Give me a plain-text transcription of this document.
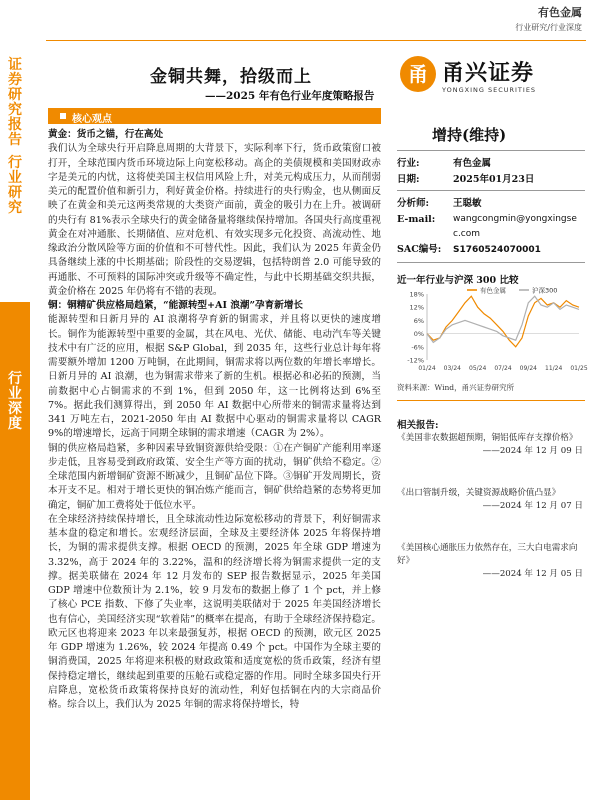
有色金属
行业研究/行业深度
证券研究报告
行业研究
行业深度
金铜共舞，拾级而上
——2025 年有色行业年度策略报告
甬 甬兴证券
YONGXING SECURITIES
核心观点

黄金：货币之锚，行在高处

我们认为全球央行开启降息周期的大背景下，实际利率下行，货币政策窗口被打开，全球范围内货币环境边际上向宽松移动。高企的美债规模和美国财政赤字是美元的内忧，这将使美国主权信用风险上升，对美元构成压力，从而削弱美元的配置价值和新引力，利好黄金价格。持续进行的央行购金，也从侧面反映了在黄金和美元这两类常规的大类资产面前，黄金的吸引力在上升。被调研的央行有 81%表示全球央行的黄金储备量将继续保持增加。各国央行高度重视黄金在对冲通胀、长期储值、应对危机、有效实现多元化投资、高流动性、地缘政治分散风险等方面的价值和不可替代性。因此，我们认为 2025 年黄金仍具备继续上涨的中长期基础；阶段性的交易逻辑，包括特朗普 2.0 可能导致的再通胀、不可预料的国际冲突或升级等不确定性，与此中长期基础交织共振，黄金价格在 2025 年仍将有不错的表现。

铜：铜精矿供应格局趋紧，“能源转型+AI 浪潮”孕育新增长

能源转型和日新月异的 AI 浪潮将孕育新的铜需求，并且将以更快的速度增长。铜作为能源转型中重要的金属，其在风电、光伏、储能、电动汽车等关键技术中有广泛的应用，根据 S&P Global，到 2035 年，这些行业总计每年将需要额外增加 1200 万吨铜，在此期间，铜需求将以两位数的年增长率增长。日新月异的 AI 浪潮，也为铜需求带来了新的生机。根据必和必拓的预测，当前数据中心占铜需求的不到 1%，但到 2050 年，这一比例将达到 6%至 7%。据此我们测算得出，到 2050 年 AI 数据中心所带来的铜需求量将达到 341 万吨左右，2021-2050 年由 AI 数据中心驱动的铜需求量将以 CAGR 9%的增速增长，远高于同期全球铜的需求增速（CAGR 为 2%）。

铜的供应格局趋紧，多种因素导致铜资源供给受限：①在产铜矿产能利用率逐步走低，且容易受到政府政策、安全生产等方面的扰动，铜矿供给不稳定。②全球范围内新增铜矿资源不断减少，且铜矿品位下降。③铜矿开发周期长，资本开支不足。相对于增长更快的铜冶炼产能而言，铜矿供给趋紧的态势将更加确定，铜矿加工费将处于低位水平。

在全球经济持续保持增长，且全球流动性边际宽松移动的背景下，利好铜需求基本盘的稳定和增长。宏观经济层面，全球及主要经济体 2025 年将保持增长，为铜的需求提供支撑。根据 OECD 的预测，2025 年全球 GDP 增速为 3.32%，高于 2024 年的 3.22%，温和的经济增长将为铜需求提供一定的支撑。据美联储在 2024 年 12 月发布的 SEP 报告数据显示，2025 年美国 GDP 增速中位数预计为 2.1%，较 9 月发布的数据上修了 1 个 pct，并上修了核心 PCE 指数、下修了失业率，这说明美联储对于 2025 年美国经济增长也有信心，美国经济实现“软着陆”的概率在提高，有助于全球经济保持稳定。欧元区也将迎来 2023 年以来最强复苏，根据 OECD 的预测，欧元区 2025 年 GDP 增速为 1.26%，较 2024 年提高 0.49 个 pct。中国作为全球主要的铜消费国，2025 年将迎来积极的财政政策和适度宽松的货币政策，经济有望保持稳定增长，继续起到重要的压舱石或稳定器的作用。同时全球多国央行开启降息，宽松货币政策将保持良好的流动性，利好包括铜在内的大宗商品价格。综合以上，我们认为 2025 年铜的需求将保持增长，特

增持(维持)
行业:	有色金属
日期:	2025年01月23日
分析师:	王聪敏
E-mail: wangcongmin@yongxingsec.com
SAC编号: S1760524070001
近一年行业与沪深 300 比较
-12%
-6%
0%
6%
12%
18%
01/24 03/24 05/24 07/24 09/24 11/24 01/25
有色金属	沪深300
资料来源：Wind，甬兴证券研究所
相关报告:
《美国非农数据超预期，铜铝低库存支撑价格》
——2024 年 12 月 09 日
《出口管制升级，关键资源战略价值凸显》
——2024 年 12 月 07 日
《美国核心通胀压力依然存在，三大白电需求向好》
——2024 年 12 月 05 日
